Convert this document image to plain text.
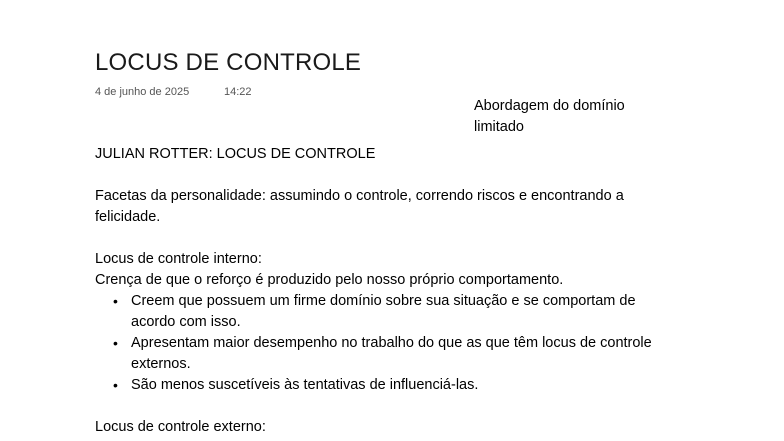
LOCUS DE CONTROLE
4 de junho de 2025	14:22
Abordagem do domínio limitado

JULIAN ROTTER: LOCUS DE CONTROLE

Facetas da personalidade: assumindo o controle, correndo riscos e encontrando a felicidade.

Locus de controle interno:

Crença de que o reforço é produzido pelo nosso próprio comportamento.

• Creem que possuem um firme domínio sobre sua situação e se comportam de acordo com isso.
• Apresentam maior desempenho no trabalho do que as que têm locus de controle externos.
• São menos suscetíveis às tentativas de influenciá-las.

Locus de controle externo:
